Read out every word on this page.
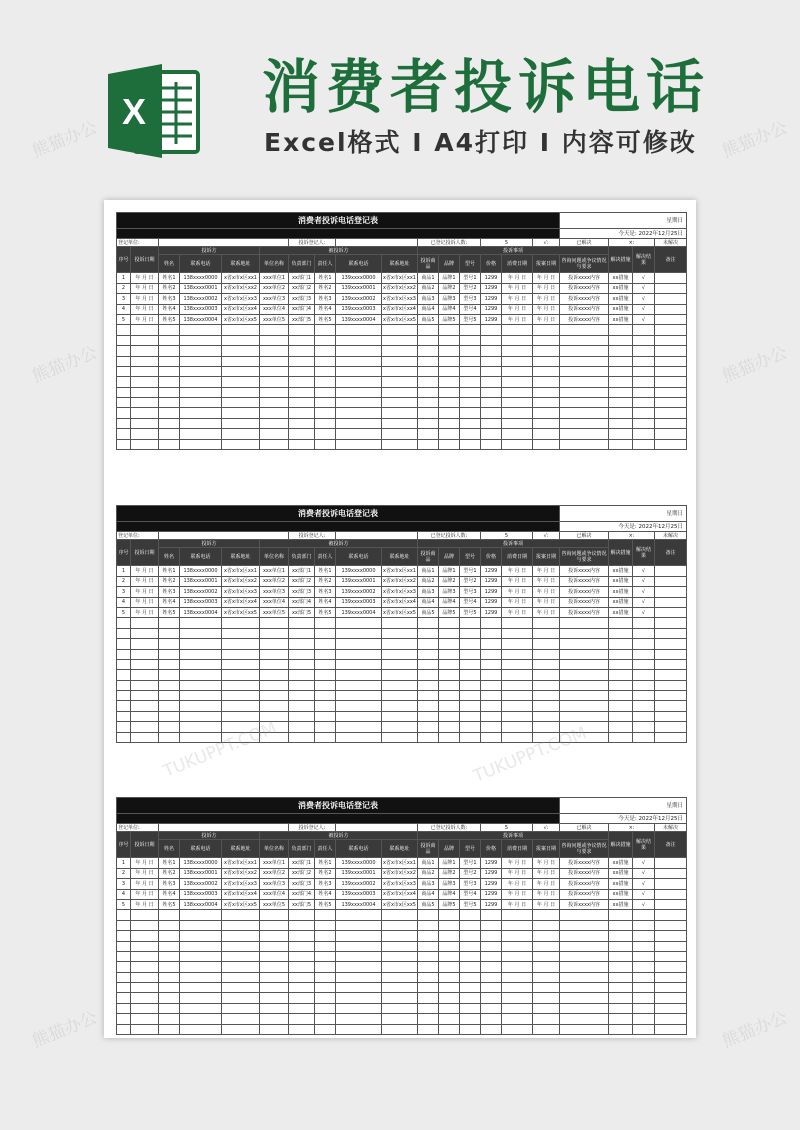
X 消费者投诉电话
Excel格式 I A4打印 I 内容可修改
消费者投诉电话登记表	星期日
	今天是: 2022年12月25日
登记单位:		投诉登记人:		已登记投诉人数:	5	√:	已解决	×:	未解决
序号	投诉日期	投诉方	被投诉方	投诉事项	解决措施	解决结果	备注
姓名	联系电话	联系地址	单位名称	负责部门	责任人	联系电话	联系地址	投诉商品	品牌	型号	价格	消费日期	报案日期	咨询问题或争议情况与要求
1	年 月 日	姓名1	138xxxx0000	x省x市x区xx1	xxx单位1	xx部门1	姓名1	139xxxx0000	x省x市x区xx1	商品1	品牌1	型号1	1299	年 月 日	年 月 日	投诉xxxx内容	xx措施	√	
2	年 月 日	姓名2	138xxxx0001	x省x市x区xx2	xxx单位2	xx部门2	姓名2	139xxxx0001	x省x市x区xx2	商品2	品牌2	型号2	1299	年 月 日	年 月 日	投诉xxxx内容	xx措施	√	
3	年 月 日	姓名3	138xxxx0002	x省x市x区xx3	xxx单位3	xx部门3	姓名3	139xxxx0002	x省x市x区xx3	商品3	品牌3	型号3	1299	年 月 日	年 月 日	投诉xxxx内容	xx措施	√	
4	年 月 日	姓名4	138xxxx0003	x省x市x区xx4	xxx单位4	xx部门4	姓名4	139xxxx0003	x省x市x区xx4	商品4	品牌4	型号4	1299	年 月 日	年 月 日	投诉xxxx内容	xx措施	√	
5	年 月 日	姓名5	138xxxx0004	x省x市x区xx5	xxx单位5	xx部门5	姓名5	139xxxx0004	x省x市x区xx5	商品5	品牌5	型号5	1299	年 月 日	年 月 日	投诉xxxx内容	xx措施	√	

消费者投诉电话登记表	星期日
	今天是: 2022年12月25日
登记单位:		投诉登记人:		已登记投诉人数:	5	√:	已解决	×:	未解决
序号	投诉日期	投诉方	被投诉方	投诉事项	解决措施	解决结果	备注
姓名	联系电话	联系地址	单位名称	负责部门	责任人	联系电话	联系地址	投诉商品	品牌	型号	价格	消费日期	报案日期	咨询问题或争议情况与要求
1	年 月 日	姓名1	138xxxx0000	x省x市x区xx1	xxx单位1	xx部门1	姓名1	139xxxx0000	x省x市x区xx1	商品1	品牌1	型号1	1299	年 月 日	年 月 日	投诉xxxx内容	xx措施	√	
2	年 月 日	姓名2	138xxxx0001	x省x市x区xx2	xxx单位2	xx部门2	姓名2	139xxxx0001	x省x市x区xx2	商品2	品牌2	型号2	1299	年 月 日	年 月 日	投诉xxxx内容	xx措施	√	
3	年 月 日	姓名3	138xxxx0002	x省x市x区xx3	xxx单位3	xx部门3	姓名3	139xxxx0002	x省x市x区xx3	商品3	品牌3	型号3	1299	年 月 日	年 月 日	投诉xxxx内容	xx措施	√	
4	年 月 日	姓名4	138xxxx0003	x省x市x区xx4	xxx单位4	xx部门4	姓名4	139xxxx0003	x省x市x区xx4	商品4	品牌4	型号4	1299	年 月 日	年 月 日	投诉xxxx内容	xx措施	√	
5	年 月 日	姓名5	138xxxx0004	x省x市x区xx5	xxx单位5	xx部门5	姓名5	139xxxx0004	x省x市x区xx5	商品5	品牌5	型号5	1299	年 月 日	年 月 日	投诉xxxx内容	xx措施	√	

消费者投诉电话登记表	星期日
	今天是: 2022年12月25日
登记单位:		投诉登记人:		已登记投诉人数:	5	√:	已解决	×:	未解决
序号	投诉日期	投诉方	被投诉方	投诉事项	解决措施	解决结果	备注
姓名	联系电话	联系地址	单位名称	负责部门	责任人	联系电话	联系地址	投诉商品	品牌	型号	价格	消费日期	报案日期	咨询问题或争议情况与要求
1	年 月 日	姓名1	138xxxx0000	x省x市x区xx1	xxx单位1	xx部门1	姓名1	139xxxx0000	x省x市x区xx1	商品1	品牌1	型号1	1299	年 月 日	年 月 日	投诉xxxx内容	xx措施	√	
2	年 月 日	姓名2	138xxxx0001	x省x市x区xx2	xxx单位2	xx部门2	姓名2	139xxxx0001	x省x市x区xx2	商品2	品牌2	型号2	1299	年 月 日	年 月 日	投诉xxxx内容	xx措施	√	
3	年 月 日	姓名3	138xxxx0002	x省x市x区xx3	xxx单位3	xx部门3	姓名3	139xxxx0002	x省x市x区xx3	商品3	品牌3	型号3	1299	年 月 日	年 月 日	投诉xxxx内容	xx措施	√	
4	年 月 日	姓名4	138xxxx0003	x省x市x区xx4	xxx单位4	xx部门4	姓名4	139xxxx0003	x省x市x区xx4	商品4	品牌4	型号4	1299	年 月 日	年 月 日	投诉xxxx内容	xx措施	√	
5	年 月 日	姓名5	138xxxx0004	x省x市x区xx5	xxx单位5	xx部门5	姓名5	139xxxx0004	x省x市x区xx5	商品5	品牌5	型号5	1299	年 月 日	年 月 日	投诉xxxx内容	xx措施	√	

熊猫办公	熊猫办公
熊猫办公	熊猫办公
TUKUPPT.COM	TUKUPPT.COM
熊猫办公	熊猫办公
